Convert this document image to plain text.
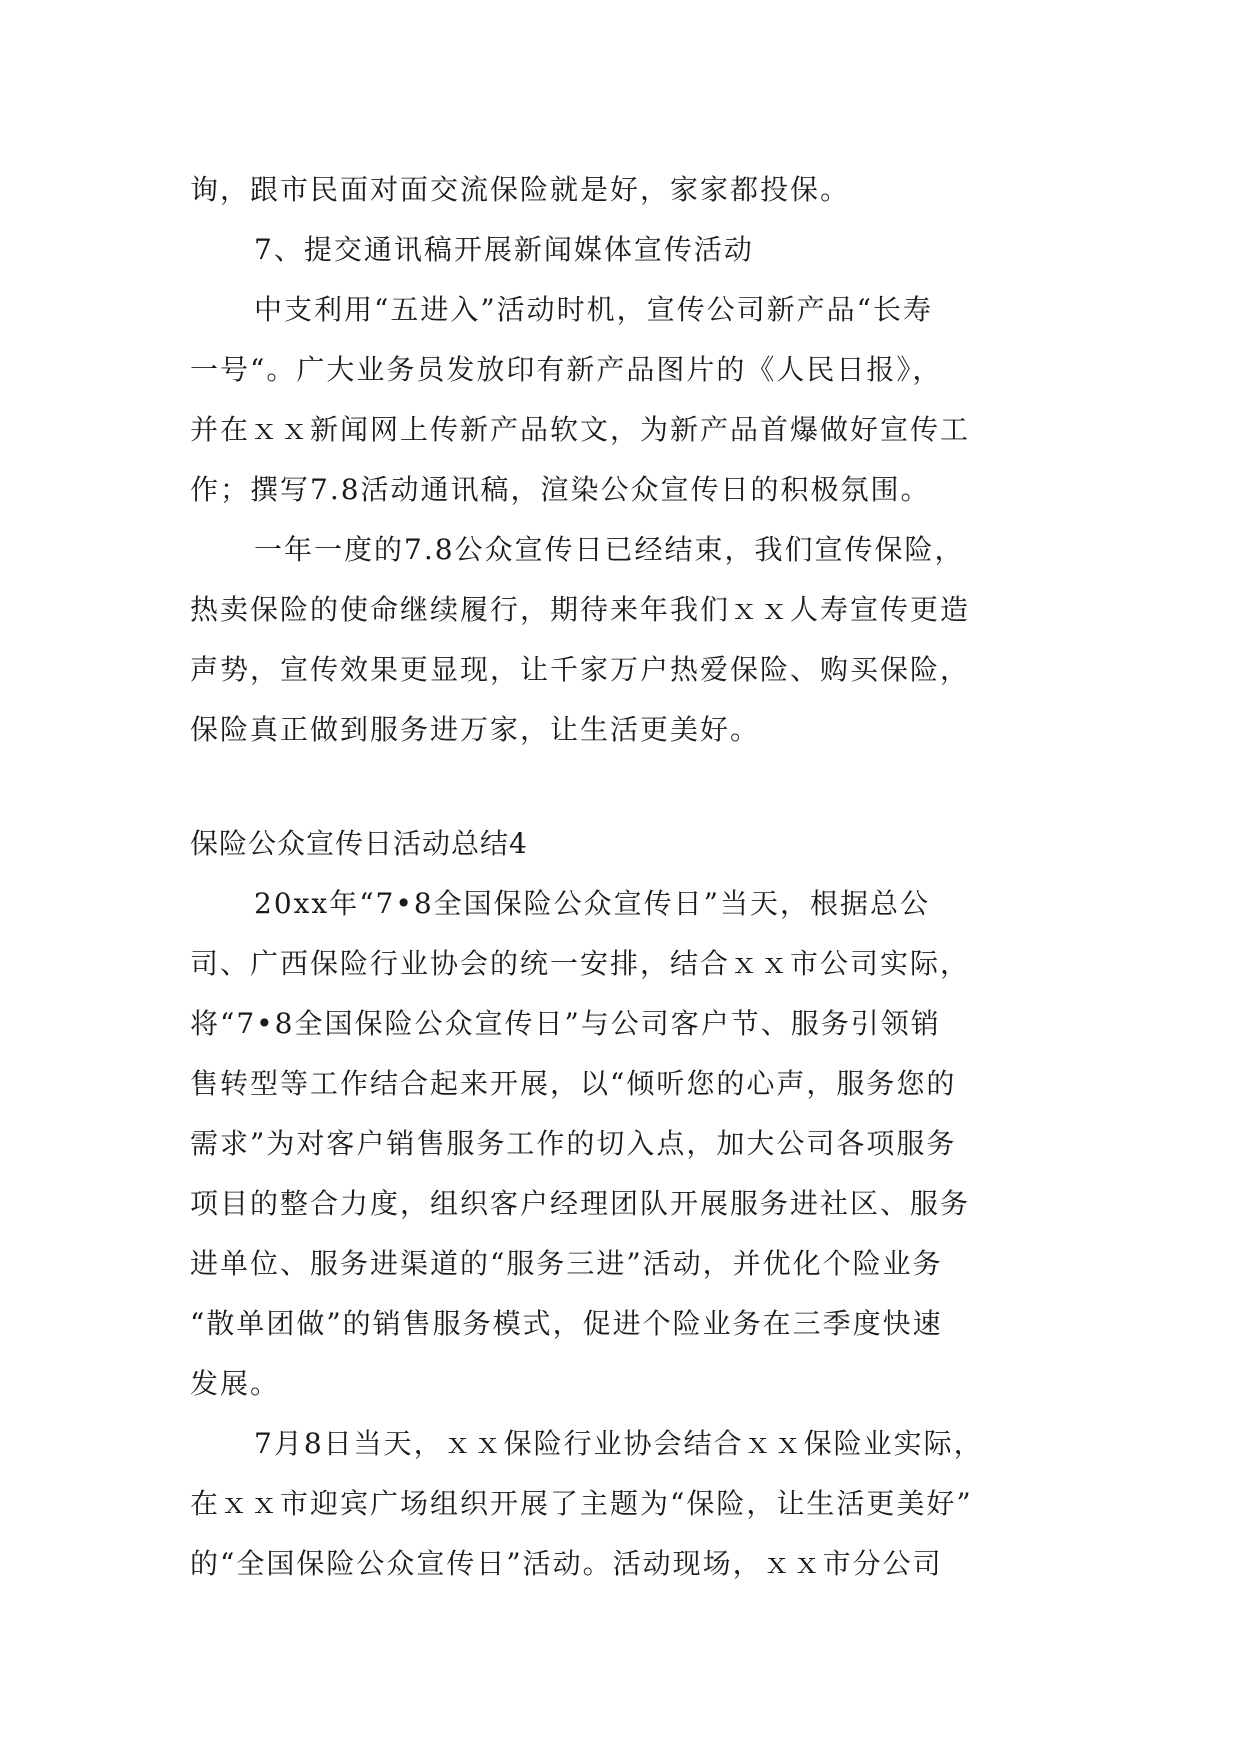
询，跟市民面对面交流保险就是好，家家都投保。
7、提交通讯稿开展新闻媒体宣传活动
中支利用“五进入”活动时机，宣传公司新产品“长寿
一号“。广大业务员发放印有新产品图片的《人民日报》，
并在ｘｘ新闻网上传新产品软文，为新产品首爆做好宣传工
作；撰写7.8活动通讯稿，渲染公众宣传日的积极氛围。
一年一度的7.8公众宣传日已经结束，我们宣传保险，
热卖保险的使命继续履行，期待来年我们ｘｘ人寿宣传更造
声势，宣传效果更显现，让千家万户热爱保险、购买保险，
保险真正做到服务进万家，让生活更美好。
保险公众宣传日活动总结4
20xx年“7•8全国保险公众宣传日”当天，根据总公
司、广西保险行业协会的统一安排，结合ｘｘ市公司实际，
将“7•8全国保险公众宣传日”与公司客户节、服务引领销
售转型等工作结合起来开展，以“倾听您的心声，服务您的
需求”为对客户销售服务工作的切入点，加大公司各项服务
项目的整合力度，组织客户经理团队开展服务进社区、服务
进单位、服务进渠道的“服务三进”活动，并优化个险业务
“散单团做”的销售服务模式，促进个险业务在三季度快速
发展。
7月8日当天，ｘｘ保险行业协会结合ｘｘ保险业实际，
在ｘｘ市迎宾广场组织开展了主题为“保险，让生活更美好”
的“全国保险公众宣传日”活动。活动现场，ｘｘ市分公司
